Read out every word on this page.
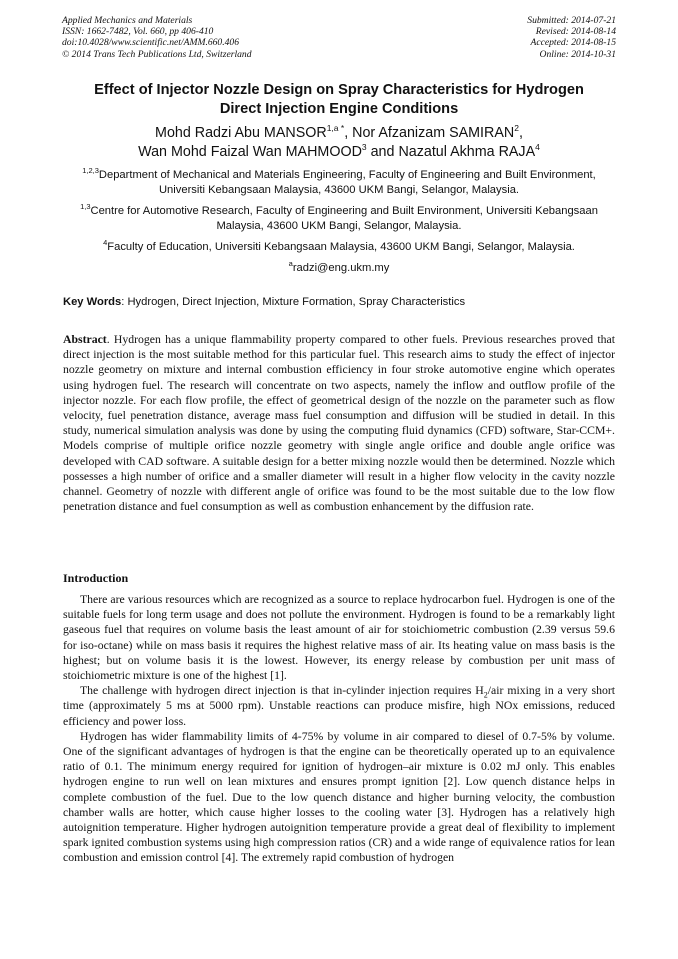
Applied Mechanics and Materials
ISSN: 1662-7482, Vol. 660, pp 406-410
doi:10.4028/www.scientific.net/AMM.660.406
© 2014 Trans Tech Publications Ltd, Switzerland
Submitted: 2014-07-21
Revised: 2014-08-14
Accepted: 2014-08-15
Online: 2014-10-31
Effect of Injector Nozzle Design on Spray Characteristics for Hydrogen
Direct Injection Engine Conditions
Mohd Radzi Abu $MANSOR^{1,a *}$, Nor Afzanizam SAMIRAN$^2$,
Wan Mohd Faizal Wan MAHMOOD$^3$ and Nazatul Akhma RAJA$^4$
$^{1,2,3}$Department of Mechanical and Materials Engineering, Faculty of Engineering and Built Environment, Universiti Kebangsaan Malaysia, 43600 UKM Bangi, Selangor, Malaysia.
$^{1,3}$Centre for Automotive Research, Faculty of Engineering and Built Environment, Universiti Kebangsaan Malaysia, 43600 UKM Bangi, Selangor, Malaysia.
$^4$Faculty of Education, Universiti Kebangsaan Malaysia, 43600 UKM Bangi, Selangor, Malaysia.
$^a$radzi@eng.ukm.my
Key Words: Hydrogen, Direct Injection, Mixture Formation, Spray Characteristics

Abstract. Hydrogen has a unique flammability property compared to other fuels. Previous researches proved that direct injection is the most suitable method for this particular fuel. This research aims to study the effect of injector nozzle geometry on mixture and internal combustion efficiency in four stroke automotive engine which operates using hydrogen fuel. The research will concentrate on two aspects, namely the inflow and outflow profile of the injector nozzle. For each flow profile, the effect of geometrical design of the nozzle on the parameter such as flow velocity, fuel penetration distance, average mass fuel consumption and diffusion will be studied in detail. In this study, numerical simulation analysis was done by using the computing fluid dynamics (CFD) software, Star-CCM+. Models comprise of multiple orifice nozzle geometry with single angle orifice and double angle orifice was developed with CAD software. A suitable design for a better mixing nozzle would then be determined. Nozzle which possesses a high number of orifice and a smaller diameter will result in a higher flow velocity in the cavity nozzle channel. Geometry of nozzle with different angle of orifice was found to be the most suitable due to the low flow penetration distance and fuel consumption as well as combustion enhancement by the diffusion rate.

Introduction

There are various resources which are recognized as a source to replace hydrocarbon fuel. Hydrogen is one of the suitable fuels for long term usage and does not pollute the environment. Hydrogen is found to be a remarkably light gaseous fuel that requires on volume basis the least amount of air for stoichiometric combustion (2.39 versus 59.6 for iso-octane) while on mass basis it requires the highest relative mass of air. Its heating value on mass basis is the highest; but on volume basis it is the lowest. However, its energy release by combustion per unit mass of stoichiometric mixture is one of the highest [1].

The challenge with hydrogen direct injection is that in-cylinder injection requires $H_2$/air mixing in a very short time (approximately 5 ms at 5000 rpm). Unstable reactions can produce misfire, high NOx emissions, reduced efficiency and power loss.

Hydrogen has wider flammability limits of 4-75% by volume in air compared to diesel of 0.7-5% by volume. One of the significant advantages of hydrogen is that the engine can be theoretically operated up to an equivalence ratio of 0.1. The minimum energy required for ignition of hydrogen–air mixture is 0.02 mJ only. This enables hydrogen engine to run well on lean mixtures and ensures prompt ignition [2]. Low quench distance helps in complete combustion of the fuel. Due to the low quench distance and higher burning velocity, the combustion chamber walls are hotter, which cause higher losses to the cooling water [3]. Hydrogen has a relatively high autoignition temperature. Higher hydrogen autoignition temperature provide a great deal of flexibility to implement spark ignited combustion systems using high compression ratios (CR) and a wide range of equivalence ratios for lean combustion and emission control [4]. The extremely rapid combustion of hydrogen
